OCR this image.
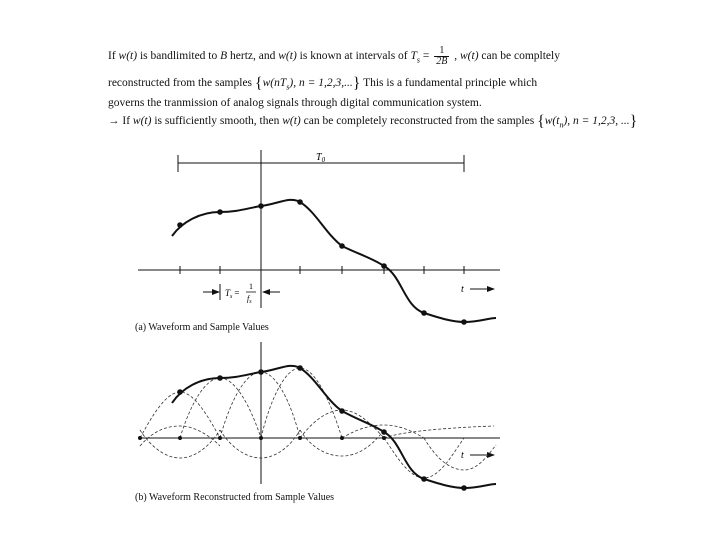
If w(t) is bandlimited to B hertz, and w(t) is known at intervals of $T_s = \frac{1}{2B}$ , w(t) can be compltely
reconstructed from the samples {$w(nT_s)$, n = 1,2,3,...} This is a fundamental principle which
governs the tranmission of analog signals through digital communication system.
→ If w(t) is sufficiently smooth, then w(t) can be completely reconstructed from the samples {$w(t_n)$, n = 1,2,3, ...}
$T_0$
t
$T_s$ =
1
$f_s$
t
(a) Waveform and Sample Values
(b) Waveform Reconstructed from Sample Values
